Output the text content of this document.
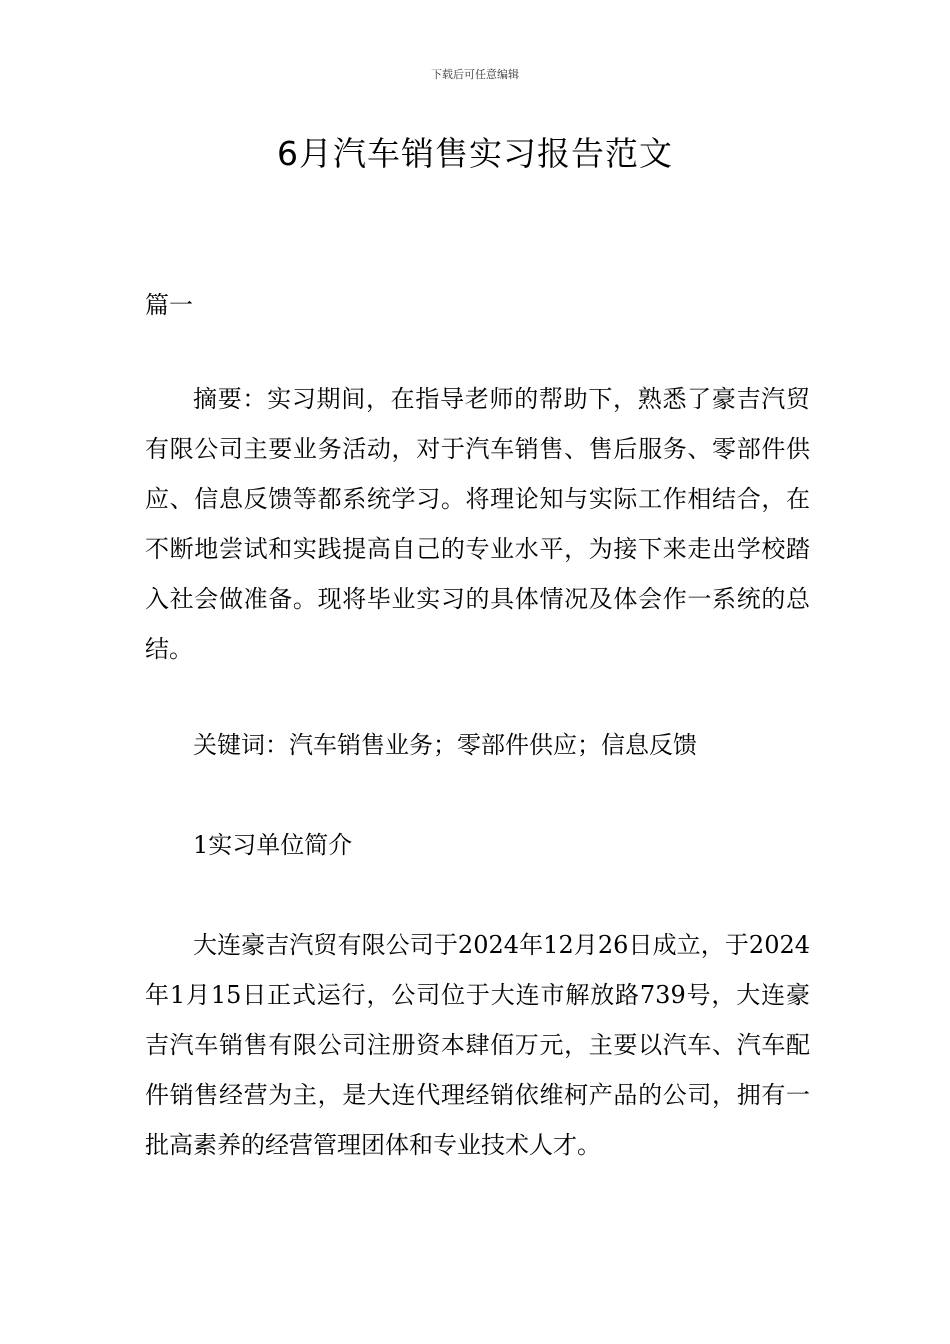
下载后可任意编辑
6月汽车销售实习报告范文
篇一

摘要：实习期间，在指导老师的帮助下，熟悉了豪吉汽贸有限公司主要业务活动，对于汽车销售、售后服务、零部件供应、信息反馈等都系统学习。将理论知与实际工作相结合，在不断地尝试和实践提高自己的专业水平，为接下来走出学校踏入社会做准备。现将毕业实习的具体情况及体会作一系统的总结。

关键词：汽车销售业务；零部件供应；信息反馈

1实习单位简介

大连豪吉汽贸有限公司于2024年12月26日成立，于2024年1月15日正式运行，公司位于大连市解放路739号，大连豪吉汽车销售有限公司注册资本肆佰万元，主要以汽车、汽车配件销售经营为主，是大连代理经销依维柯产品的公司，拥有一批高素养的经营管理团体和专业技术人才。
